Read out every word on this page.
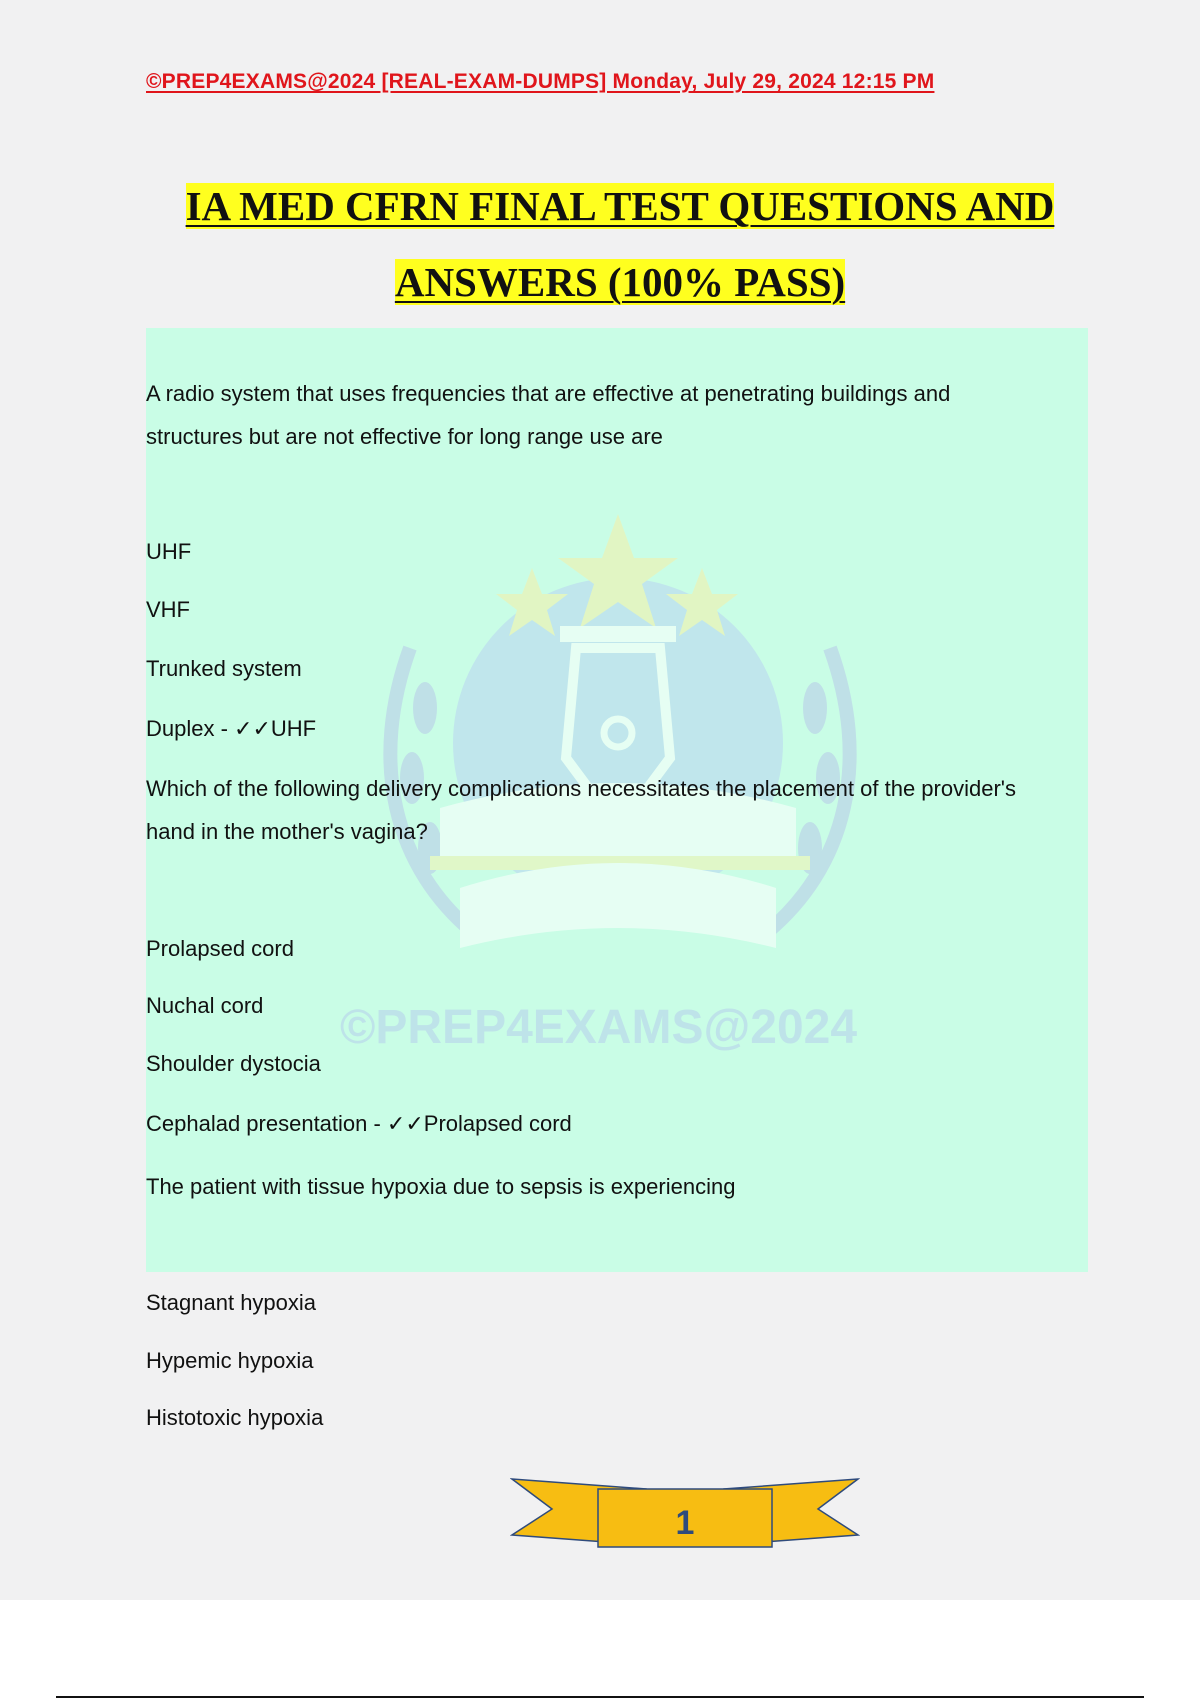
©PREP4EXAMS@2024 [REAL-EXAM-DUMPS] Monday, July 29, 2024 12:15 PM
IA MED CFRN FINAL TEST QUESTIONS AND
ANSWERS (100% PASS)
©PREP4EXAMS@2024
A radio system that uses frequencies that are effective at penetrating buildings and structures but are not effective for long range use are
UHF
VHF
Trunked system
Duplex - ✓✓UHF
Which of the following delivery complications necessitates the placement of the provider's hand in the mother's vagina?
Prolapsed cord
Nuchal cord
Shoulder dystocia
Cephalad presentation - ✓✓Prolapsed cord
The patient with tissue hypoxia due to sepsis is experiencing
Stagnant hypoxia
Hypemic hypoxia
Histotoxic hypoxia
1
